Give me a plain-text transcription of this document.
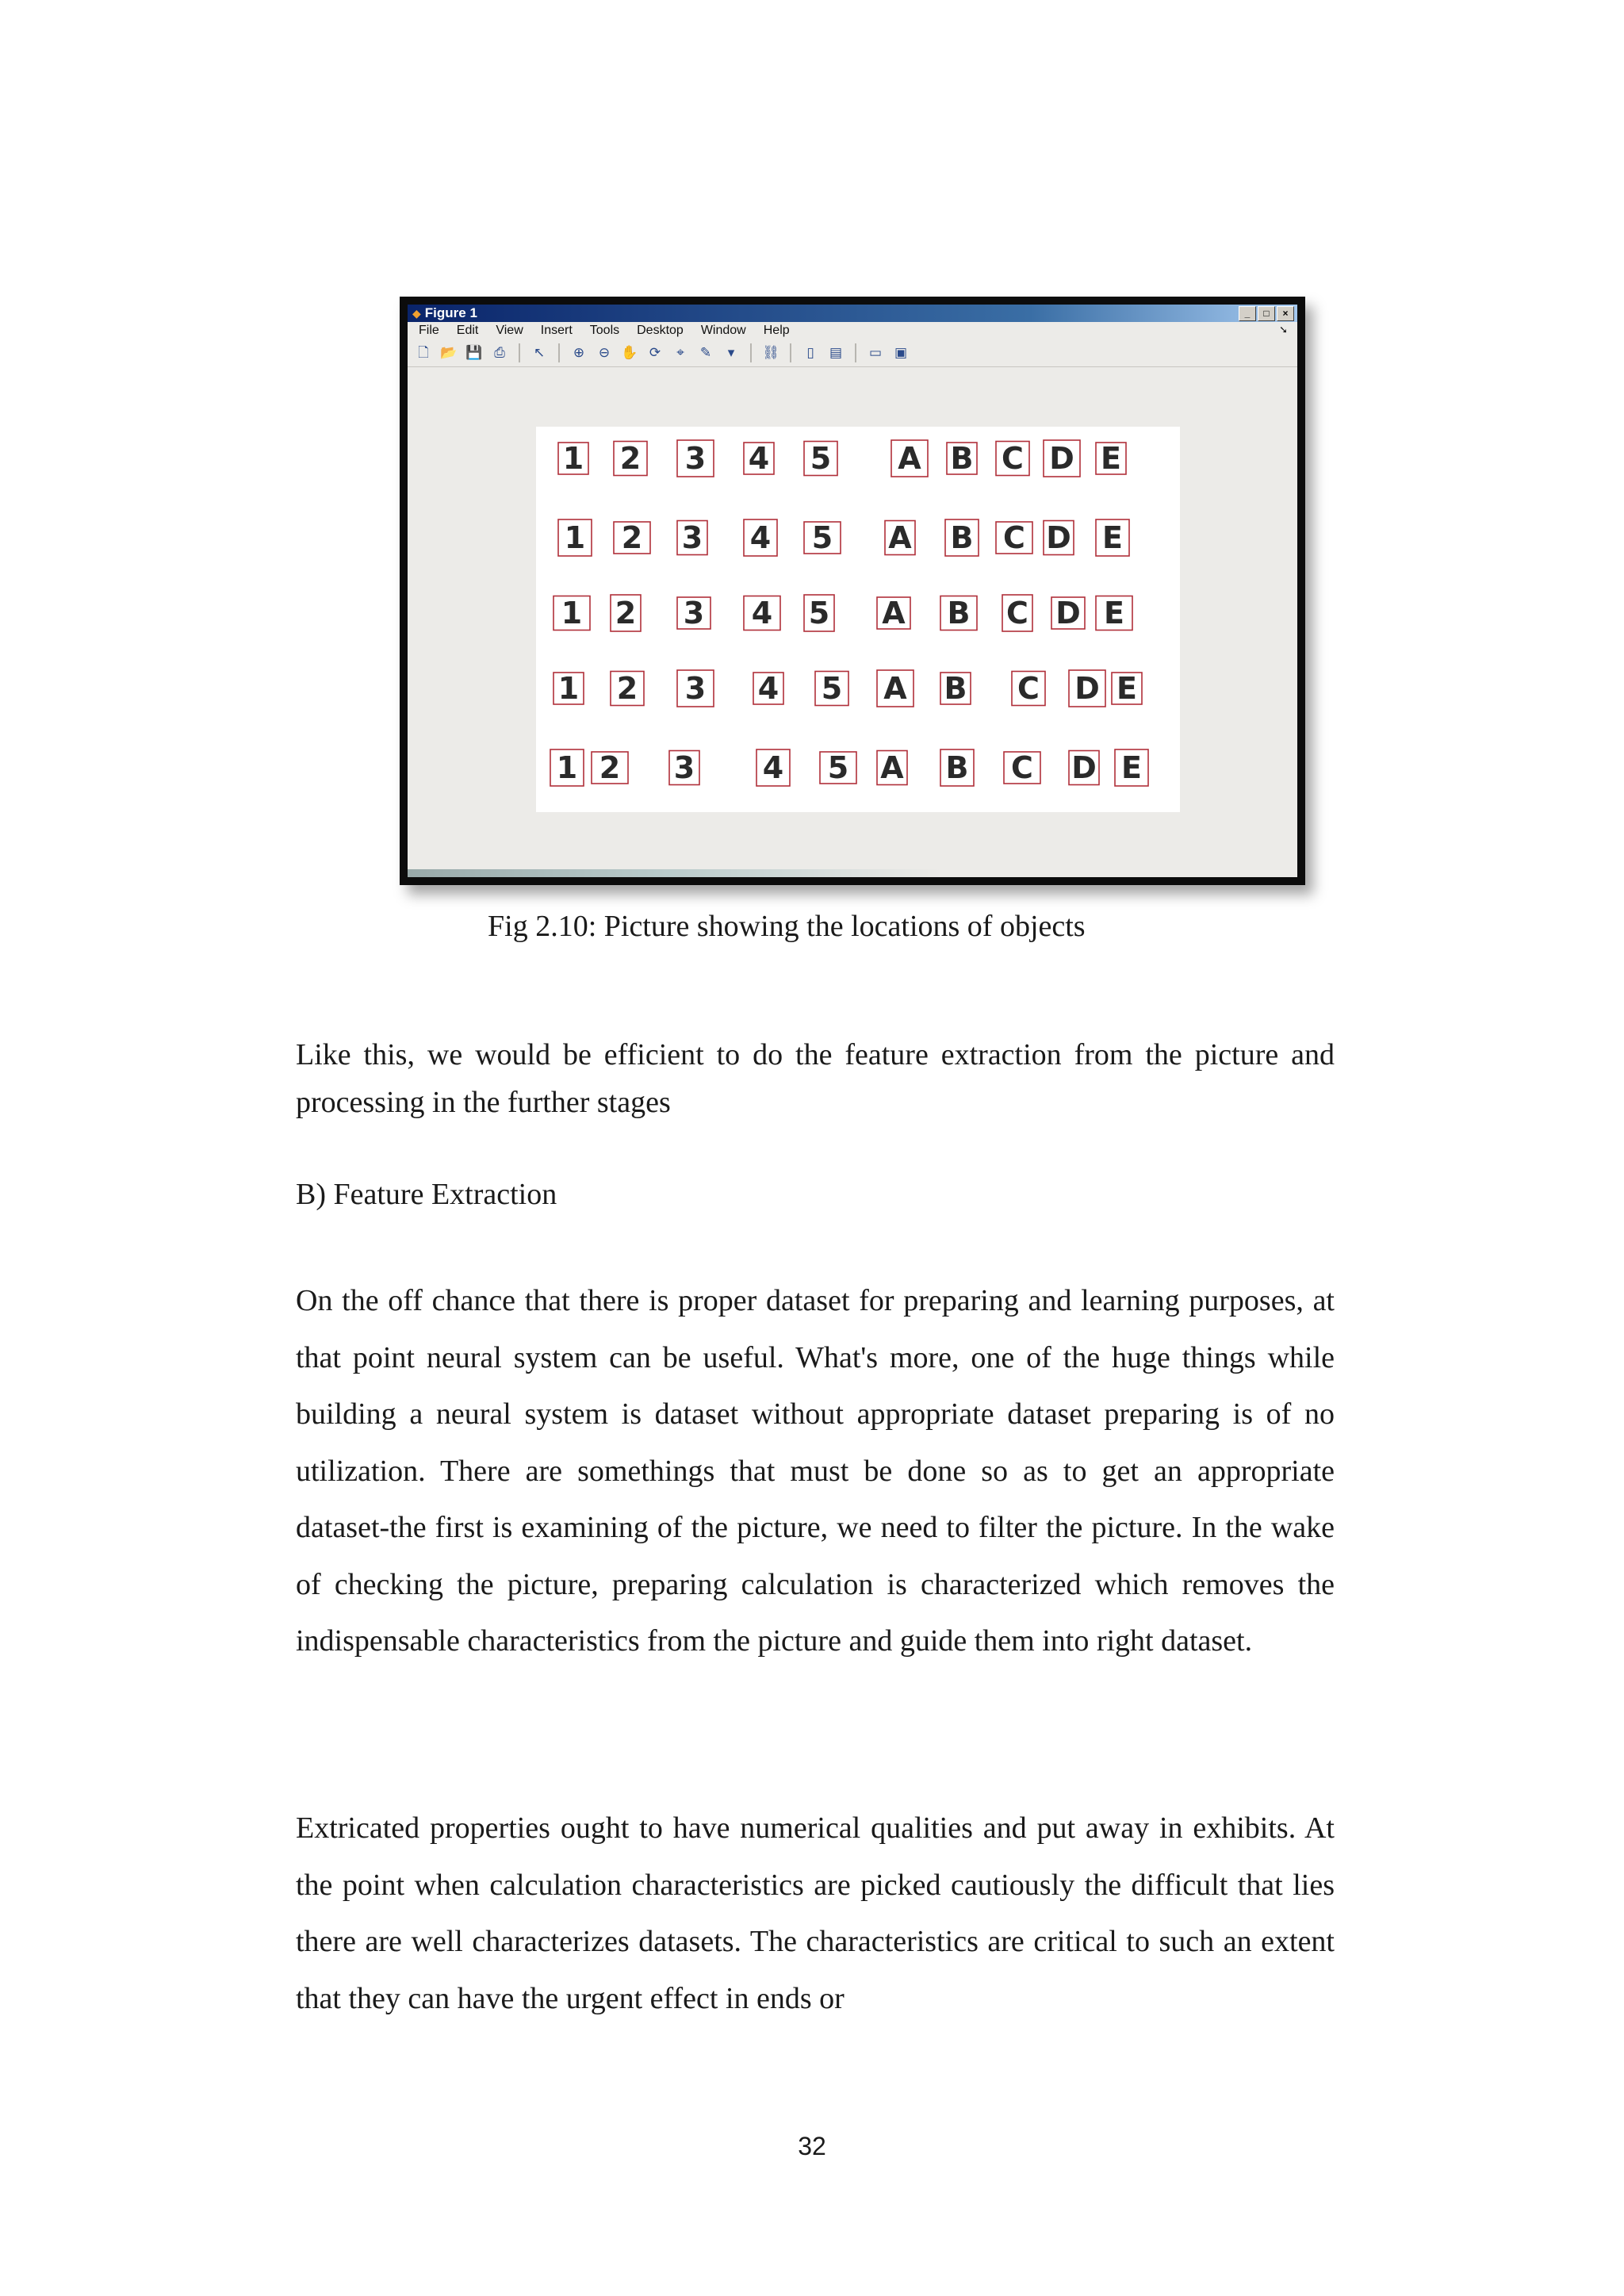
◆ Figure 1	_	□	×
File Edit View Insert Tools Desktop Window Help	➘
🗋 📂 💾 ⎙	↖ ⊕ ⊖ ✋ ⟳	⌖	✎	▾	⛓	▯	▤ ▭ ▣
1 2 3 4 5 A B C D E
1 2 3 4 5 A B C D E
1 2 3 4 5 A B C D E
1 2 3 4 5 A B C D E
1 2 3 4 5 A B C D E
Fig 2.10: Picture showing the locations of objects

Like this, we would be efficient to do the feature extraction from the picture and processing in the further stages

B) Feature Extraction

On the off chance that there is proper dataset for preparing and learning purposes, at that point neural system can be useful. What's more, one of the huge things while building a neural system is dataset without appropriate dataset preparing is of no utilization. There are somethings that must be done so as to get an appropriate dataset-the first is examining of the picture, we need to filter the picture. In the wake of checking the picture, preparing calculation is characterized which removes the indispensable characteristics from the picture and guide them into right dataset.

Extricated properties ought to have numerical qualities and put away in exhibits. At the point when calculation characteristics are picked cautiously the difficult that lies there are well characterizes datasets. The characteristics are critical to such an extent that they can have the urgent effect in ends or

32
